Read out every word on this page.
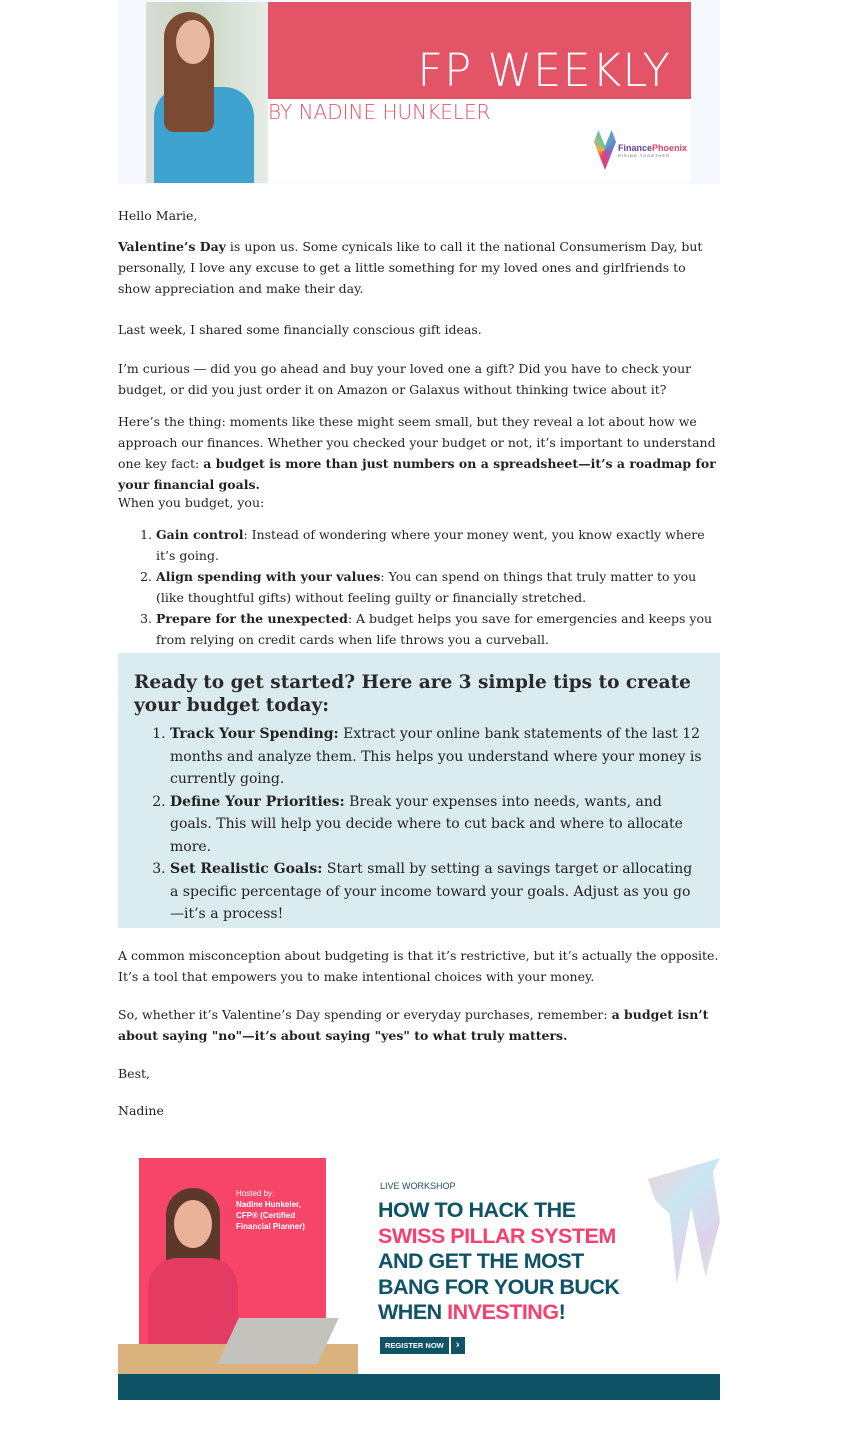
FP WEEKLY
BY NADINE HUNKELER
FinancePhoenix
RISING TOGETHER

Hello Marie,

Valentine’s Day is upon us. Some cynicals like to call it the national Consumerism Day, but personally, I love any excuse to get a little something for my loved ones and girlfriends to show appreciation and make their day.

Last week, I shared some financially conscious gift ideas.

I’m curious — did you go ahead and buy your loved one a gift? Did you have to check your budget, or did you just order it on Amazon or Galaxus without thinking twice about it?

Here’s the thing: moments like these might seem small, but they reveal a lot about how we approach our finances. Whether you checked your budget or not, it’s important to understand one key fact: a budget is more than just numbers on a spreadsheet—it’s a roadmap for your financial goals.

When you budget, you:

1. Gain control: Instead of wondering where your money went, you know exactly where it’s going.
2. Align spending with your values: You can spend on things that truly matter to you (like thoughtful gifts) without feeling guilty or financially stretched.
3. Prepare for the unexpected: A budget helps you save for emergencies and keeps you from relying on credit cards when life throws you a curveball.
Ready to get started? Here are 3 simple tips to create your budget today:
1. Track Your Spending: Extract your online bank statements of the last 12 months and analyze them. This helps you understand where your money is currently going.
2. Define Your Priorities: Break your expenses into needs, wants, and goals. This will help you decide where to cut back and where to allocate more.
3. Set Realistic Goals: Start small by setting a savings target or allocating a specific percentage of your income toward your goals. Adjust as you go—it’s a process!

A common misconception about budgeting is that it’s restrictive, but it’s actually the opposite. It’s a tool that empowers you to make intentional choices with your money.

So, whether it’s Valentine’s Day spending or everyday purchases, remember: a budget isn’t about saying "no"—it’s about saying "yes" to what truly matters.

Best,

Nadine

Hosted by:
Nadine Hunkeler,
CFP® (Certified
Financial Planner)
LIVE WORKSHOP
HOW TO HACK THE
SWISS PILLAR SYSTEM
AND GET THE MOST
BANG FOR YOUR BUCK
WHEN INVESTING!
REGISTER NOW	›
